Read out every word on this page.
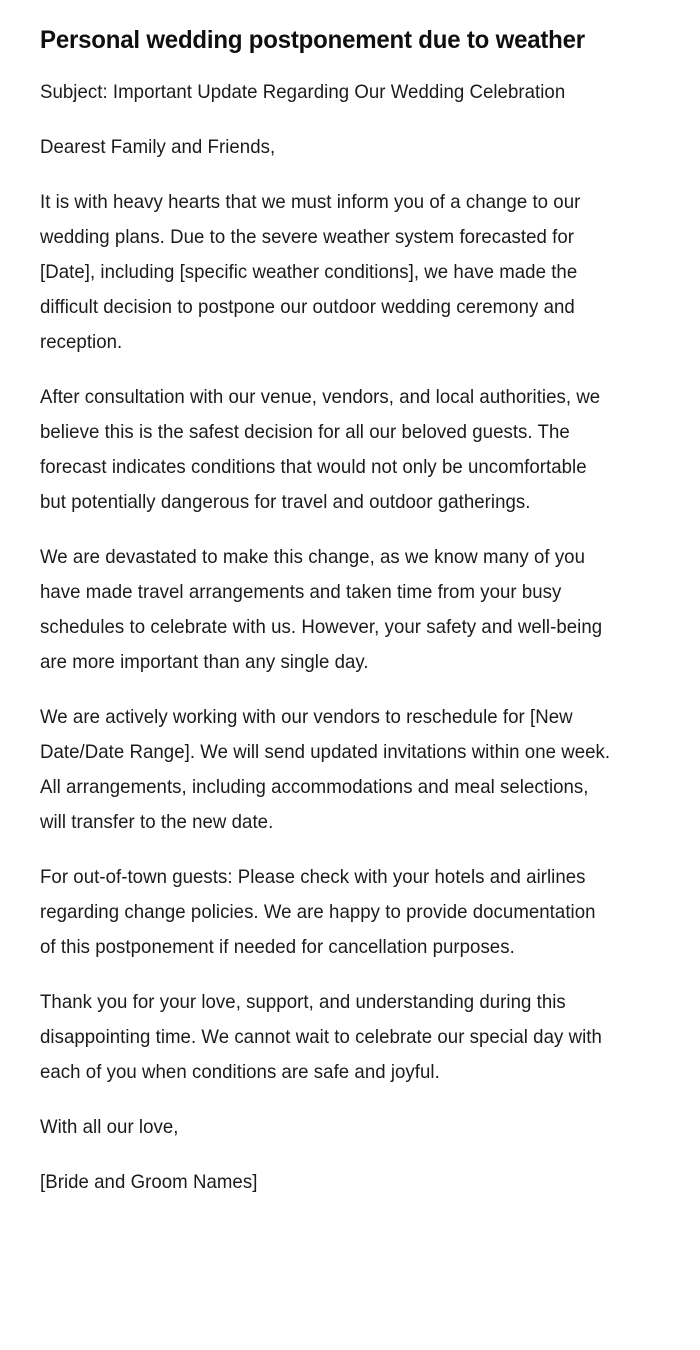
Personal wedding postponement due to weather

Subject: Important Update Regarding Our Wedding Celebration

Dearest Family and Friends,

It is with heavy hearts that we must inform you of a change to our wedding plans. Due to the severe weather system forecasted for [Date], including [specific weather conditions], we have made the difficult decision to postpone our outdoor wedding ceremony and reception.

After consultation with our venue, vendors, and local authorities, we believe this is the safest decision for all our beloved guests. The forecast indicates conditions that would not only be uncomfortable but potentially dangerous for travel and outdoor gatherings.

We are devastated to make this change, as we know many of you have made travel arrangements and taken time from your busy schedules to celebrate with us. However, your safety and well-being are more important than any single day.

We are actively working with our vendors to reschedule for [New Date/Date Range]. We will send updated invitations within one week. All arrangements, including accommodations and meal selections, will transfer to the new date.

For out-of-town guests: Please check with your hotels and airlines regarding change policies. We are happy to provide documentation of this postponement if needed for cancellation purposes.

Thank you for your love, support, and understanding during this disappointing time. We cannot wait to celebrate our special day with each of you when conditions are safe and joyful.

With all our love,

[Bride and Groom Names]
